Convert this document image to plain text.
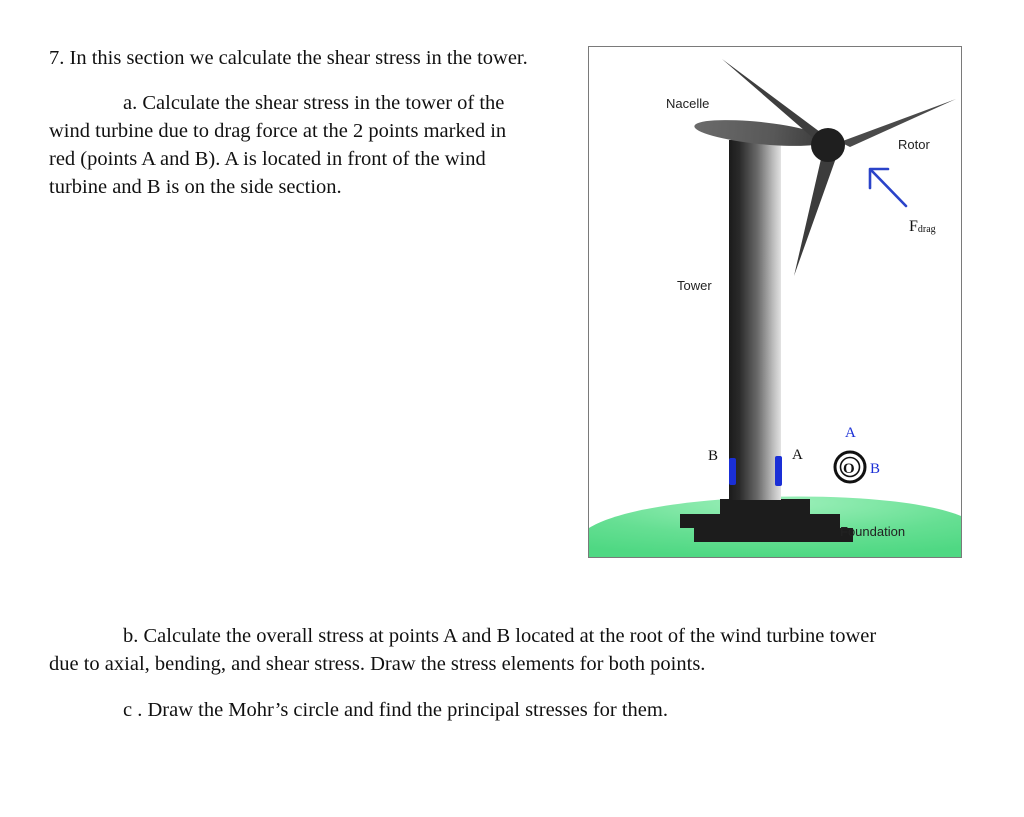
7. In this section we calculate the shear stress in the tower.
a. Calculate the shear stress in the tower of the
wind turbine due to drag force at the 2 points marked in
red (points A and B). A is located in front of the wind
turbine and B is on the side section.
Nacelle
Rotor
Tower
Foundation
Fdrag
B	A
A
O B
b. Calculate the overall stress at points A and B located at the root of the wind turbine tower
due to axial, bending, and shear stress. Draw the stress elements for both points.
c . Draw the Mohr’s circle and find the principal stresses for them.
